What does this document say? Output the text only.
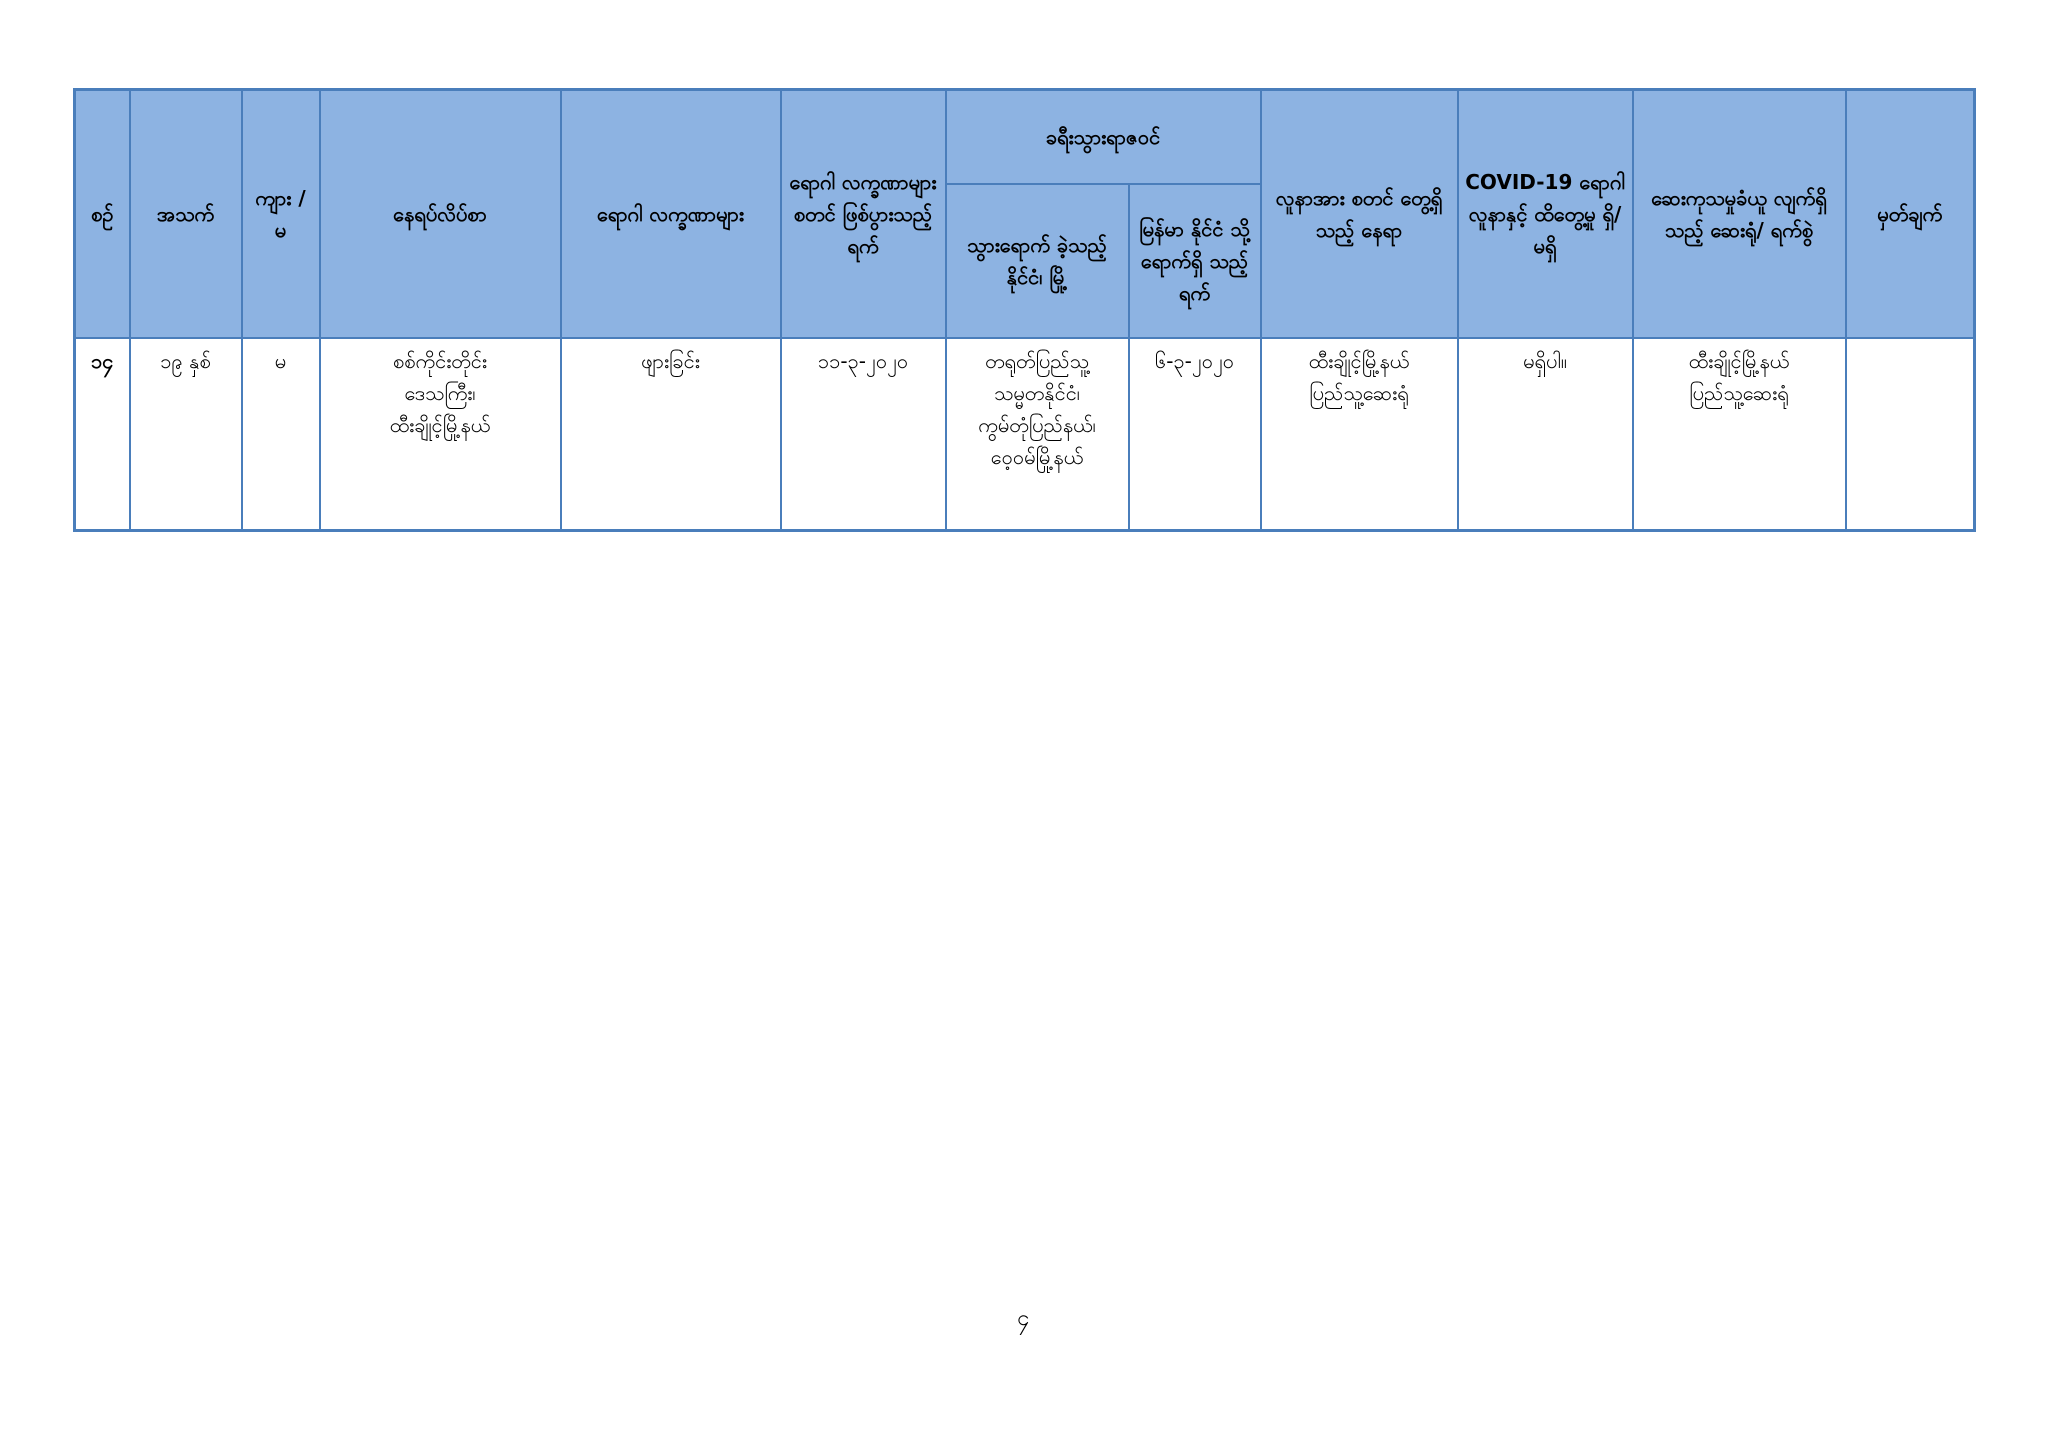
စဉ်	အသက်	ကျား / မ	နေရပ်လိပ်စာ	ရောဂါ လက္ခဏာများ	ရောဂါ လက္ခဏာများ စတင် ဖြစ်ပွားသည့် ရက်	ခရီးသွားရာဇဝင်		လူနာအား စတင် တွေ့ရှိသည့် နေရာ	COVID-19 ရောဂါ လူနာနှင့် ထိတွေ့မှု ရှိ/ မရှိ	ဆေးကုသမှုခံယူ လျက်ရှိသည့် ဆေးရုံ/ ရက်စွဲ	မှတ်ချက်
						သွားရောက် ခဲ့သည့် နိုင်ငံ၊ မြို့	မြန်မာ နိုင်ငံ သို့ ရောက်ရှိ သည့်ရက်				
၁၄	၁၉ နှစ်	မ	စစ်ကိုင်းတိုင်း
ဒေသကြီး၊
ထီးချိုင့်မြို့နယ်	ဖျားခြင်း	၁၁-၃-၂၀၂၀	တရုတ်ပြည်သူ့
သမ္မတနိုင်ငံ၊
ကွမ်တုံပြည်နယ်၊
ဝေ့ဝမ်မြို့နယ်	၆-၃-၂၀၂၀	ထီးချိုင့်မြို့နယ်
ပြည်သူ့ဆေးရုံ	မရှိပါ။	ထီးချိုင့်မြို့နယ်
ပြည်သူ့ဆေးရုံ	

၄
